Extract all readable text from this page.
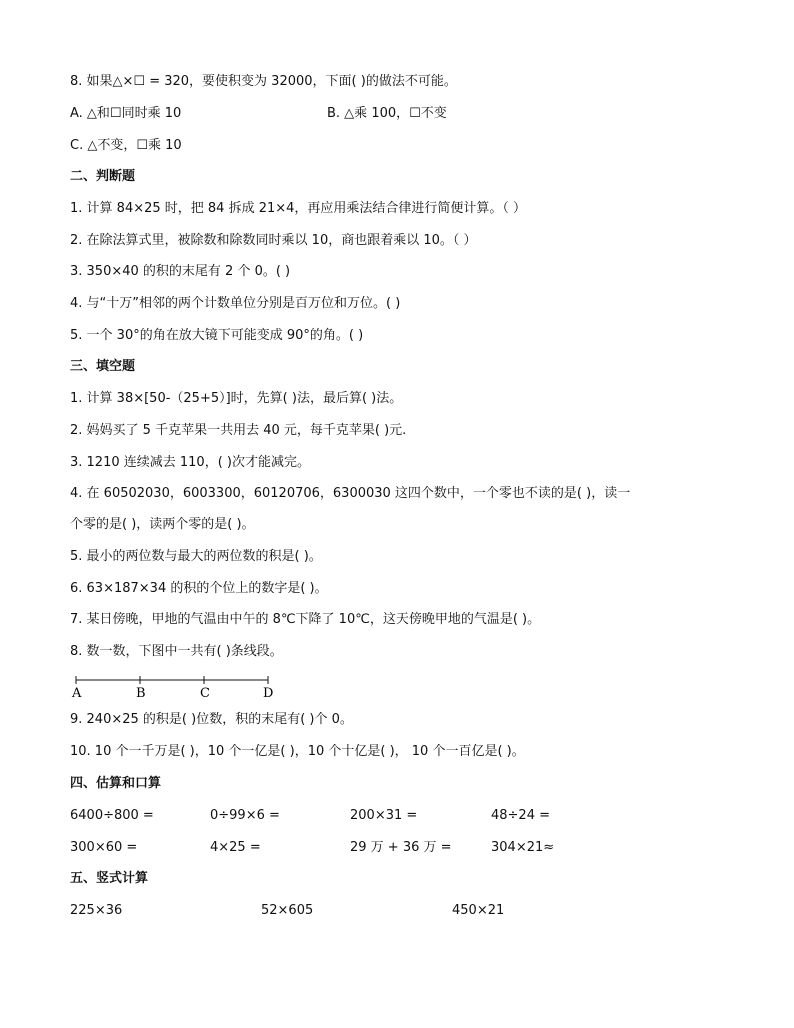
8. 如果△×☐ = 320，要使积变为 32000，下面( )的做法不可能。
A. △和☐同时乘 10	B. △乘 100，☐不变
C. △不变，☐乘 10
二、判断题
1. 计算 84×25 时，把 84 拆成 21×4，再应用乘法结合律进行简便计算。（ ）
2. 在除法算式里，被除数和除数同时乘以 10，商也跟着乘以 10。（ ）
3. 350×40 的积的末尾有 2 个 0。( )
4. 与“十万”相邻的两个计数单位分别是百万位和万位。( )
5. 一个 30°的角在放大镜下可能变成 90°的角。( )
三、填空题
1. 计算 38×[50-（25+5）]时，先算( )法，最后算( )法。
2. 妈妈买了 5 千克苹果一共用去 40 元，每千克苹果( )元.
3. 1210 连续减去 110，( )次才能减完。
4. 在 60502030，6003300，60120706，6300030 这四个数中，一个零也不读的是( )，读一
个零的是( )，读两个零的是( )。
5. 最小的两位数与最大的两位数的积是( )。
6. 63×187×34 的积的个位上的数字是( )。
7. 某日傍晚，甲地的气温由中午的 8℃下降了 10℃，这天傍晚甲地的气温是( )。
8. 数一数，下图中一共有( )条线段。
A	B	C	D
9. 240×25 的积是( )位数，积的末尾有( )个 0。
10. 10 个一千万是( )，10 个一亿是( )，10 个十亿是( )， 10 个一百亿是( )。
四、估算和口算
6400÷800 =	0÷99×6 =	200×31 =	48÷24 =
300×60 =	4×25 =	29 万 + 36 万 =	304×21≈
五、竖式计算
225×36	52×605	450×21
